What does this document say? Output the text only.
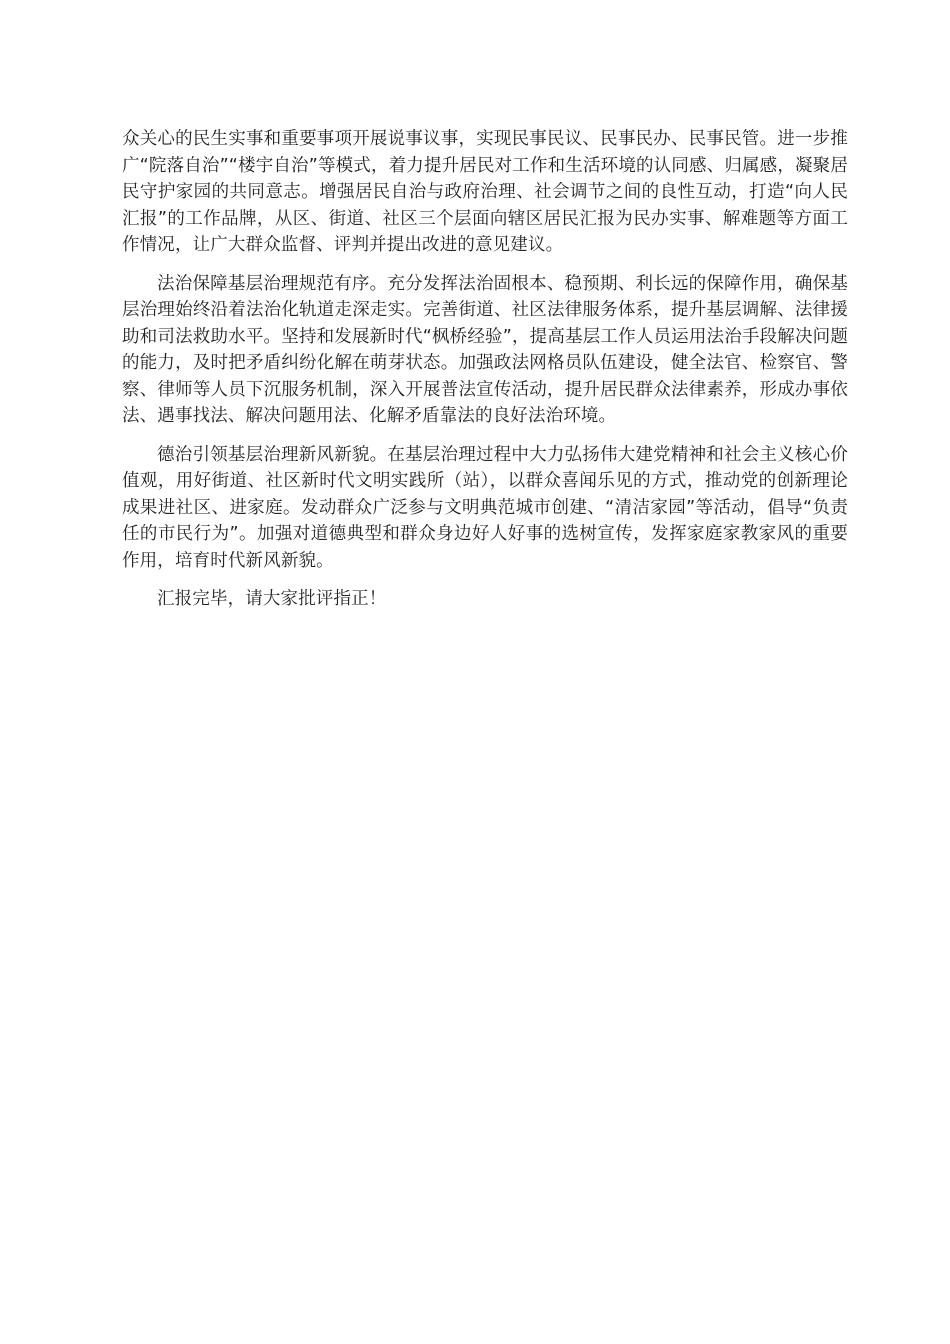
众关心的民生实事和重要事项开展说事议事，实现民事民议、民事民办、民事民管。进一步推广“院落自治”“楼宇自治”等模式，着力提升居民对工作和生活环境的认同感、归属感，凝聚居民守护家园的共同意志。增强居民自治与政府治理、社会调节之间的良性互动，打造“向人民汇报”的工作品牌，从区、街道、社区三个层面向辖区居民汇报为民办实事、解难题等方面工作情况，让广大群众监督、评判并提出改进的意见建议。

法治保障基层治理规范有序。充分发挥法治固根本、稳预期、利长远的保障作用，确保基层治理始终沿着法治化轨道走深走实。完善街道、社区法律服务体系，提升基层调解、法律援助和司法救助水平。坚持和发展新时代“枫桥经验”，提高基层工作人员运用法治手段解决问题的能力，及时把矛盾纠纷化解在萌芽状态。加强政法网格员队伍建设，健全法官、检察官、警察、律师等人员下沉服务机制，深入开展普法宣传活动，提升居民群众法律素养，形成办事依法、遇事找法、解决问题用法、化解矛盾靠法的良好法治环境。

德治引领基层治理新风新貌。在基层治理过程中大力弘扬伟大建党精神和社会主义核心价值观，用好街道、社区新时代文明实践所（站），以群众喜闻乐见的方式，推动党的创新理论成果进社区、进家庭。发动群众广泛参与文明典范城市创建、“清洁家园”等活动，倡导“负责任的市民行为”。加强对道德典型和群众身边好人好事的选树宣传，发挥家庭家教家风的重要作用，培育时代新风新貌。

汇报完毕，请大家批评指正！
